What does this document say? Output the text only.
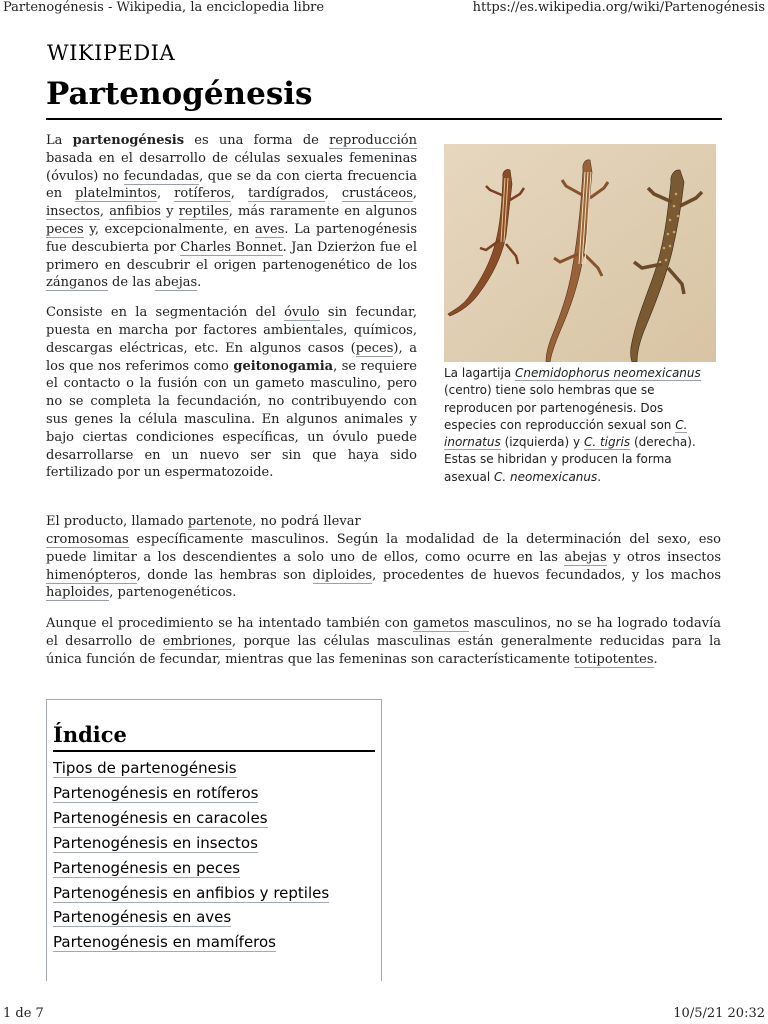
Partenogénesis - Wikipedia, la enciclopedia libre	https://es.wikipedia.org/wiki/Partenogénesis
WIKIPEDIA
Partenogénesis

La partenogénesis es una forma de reproducción basada en el desarrollo de células sexuales femeninas (óvulos) no fecundadas, que se da con cierta frecuencia en platelmintos, rotíferos, tardígrados, crustáceos, insectos, anfibios y reptiles, más raramente en algunos peces y, excepcionalmente, en aves. La partenogénesis fue descubierta por Charles Bonnet. Jan Dzierżon fue el primero en descubrir el origen partenogenético de los zánganos de las abejas.

Consiste en la segmentación del óvulo sin fecundar, puesta en marcha por factores ambientales, químicos, descargas eléctricas, etc. En algunos casos (peces), a los que nos referimos como geitonogamia, se requiere el contacto o la fusión con un gameto masculino, pero no se completa la fecundación, no contribuyendo con sus genes la célula masculina. En algunos animales y bajo ciertas condiciones específicas, un óvulo puede desarrollarse en un nuevo ser sin que haya sido fertilizado por un espermatozoide.

El producto, llamado partenote, no podrá llevar

cromosomas específicamente masculinos. Según la modalidad de la determinación del sexo, eso puede limitar a los descendientes a solo uno de ellos, como ocurre en las abejas y otros insectos himenópteros, donde las hembras son diploides, procedentes de huevos fecundados, y los machos haploides, partenogenéticos.

Aunque el procedimiento se ha intentado también con gametos masculinos, no se ha logrado todavía el desarrollo de embriones, porque las células masculinas están generalmente reducidas para la única función de fecundar, mientras que las femeninas son característicamente totipotentes.

La lagartija Cnemidophorus neomexicanus (centro) tiene solo hembras que se reproducen por partenogénesis. Dos especies con reproducción sexual son C. inornatus (izquierda) y C. tigris (derecha). Estas se hibridan y producen la forma asexual C. neomexicanus.
Índice
Tipos de partenogénesis
Partenogénesis en rotíferos
Partenogénesis en caracoles
Partenogénesis en insectos
Partenogénesis en peces
Partenogénesis en anfibios y reptiles
Partenogénesis en aves
Partenogénesis en mamíferos
1 de 7	10/5/21 20:32
